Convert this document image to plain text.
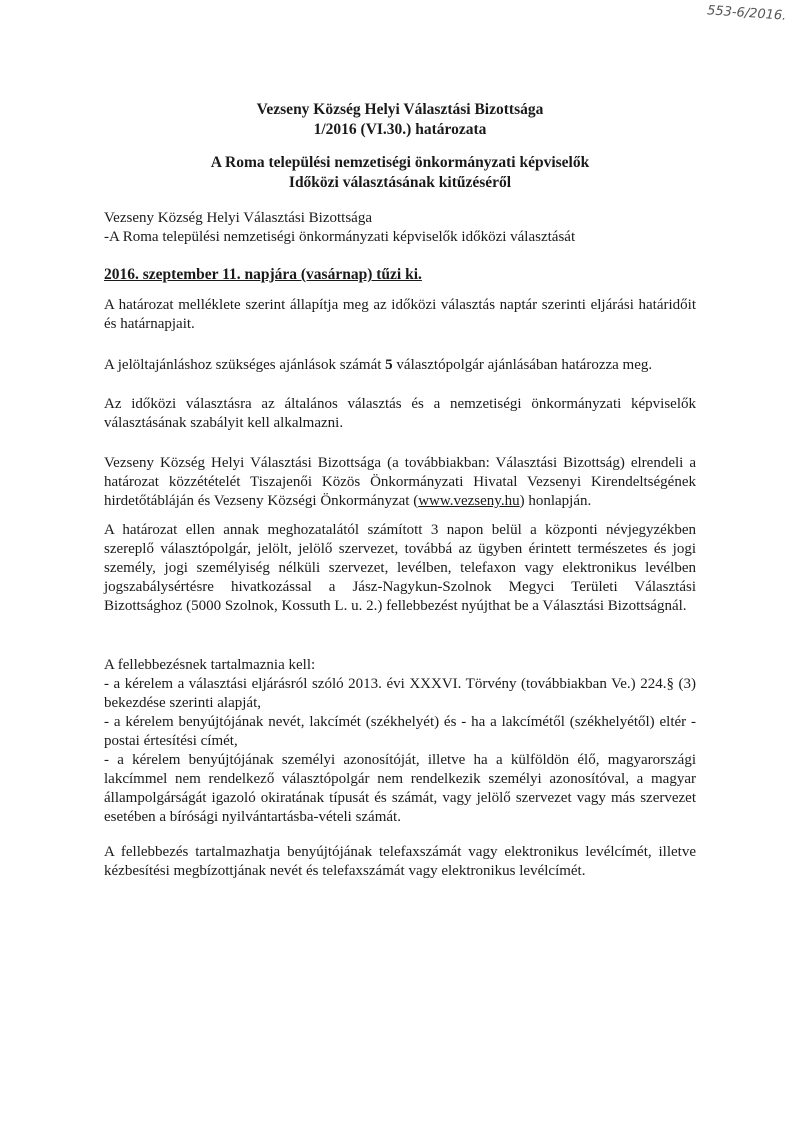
553-6/2016.
Vezseny Község Helyi Választási Bizottsága
1/2016 (VI.30.) határozata
A Roma települési nemzetiségi önkormányzati képviselők
Időközi választásának kitűzéséről
Vezseny Község Helyi Választási Bizottsága
-A Roma települési nemzetiségi önkormányzati képviselők időközi választását
2016. szeptember 11. napjára (vasárnap) tűzi ki.
A határozat melléklete szerint állapítja meg az időközi választás naptár szerinti eljárási határidőit és határnapjait.
A jelöltajánláshoz szükséges ajánlások számát 5 választópolgár ajánlásában határozza meg.
Az időközi választásra az általános választás és a nemzetiségi önkormányzati képviselők választásának szabályit kell alkalmazni.
Vezseny Község Helyi Választási Bizottsága (a továbbiakban: Választási Bizottság) elrendeli a határozat közzétételét Tiszajenői Közös Önkormányzati Hivatal Vezsenyi Kirendeltségének hirdetőtábláján és Vezseny Községi Önkormányzat (www.vezseny.hu) honlapján.
A határozat ellen annak meghozatalától számított 3 napon belül a központi névjegyzékben szereplő választópolgár, jelölt, jelölő szervezet, továbbá az ügyben érintett természetes és jogi személy, jogi személyiség nélküli szervezet, levélben, telefaxon vagy elektronikus levélben jogszabálysértésre hivatkozással a Jász-Nagykun-Szolnok Megyci Területi Választási Bizottsághoz (5000 Szolnok, Kossuth L. u. 2.) fellebbezést nyújthat be a Választási Bizottságnál.
A fellebbezésnek tartalmaznia kell:
- a kérelem a választási eljárásról szóló 2013. évi XXXVI. Törvény (továbbiakban Ve.) 224.§ (3) bekezdése szerinti alapját,
- a kérelem benyújtójának nevét, lakcímét (székhelyét) és - ha a lakcímétől (székhelyétől) eltér - postai értesítési címét,
- a kérelem benyújtójának személyi azonosítóját, illetve ha a külföldön élő, magyarországi lakcímmel nem rendelkező választópolgár nem rendelkezik személyi azonosítóval, a magyar állampolgárságát igazoló okiratának típusát és számát, vagy jelölő szervezet vagy más szervezet esetében a bírósági nyilvántartásba-vételi számát.
A fellebbezés tartalmazhatja benyújtójának telefaxszámát vagy elektronikus levélcímét, illetve kézbesítési megbízottjának nevét és telefaxszámát vagy elektronikus levélcímét.
